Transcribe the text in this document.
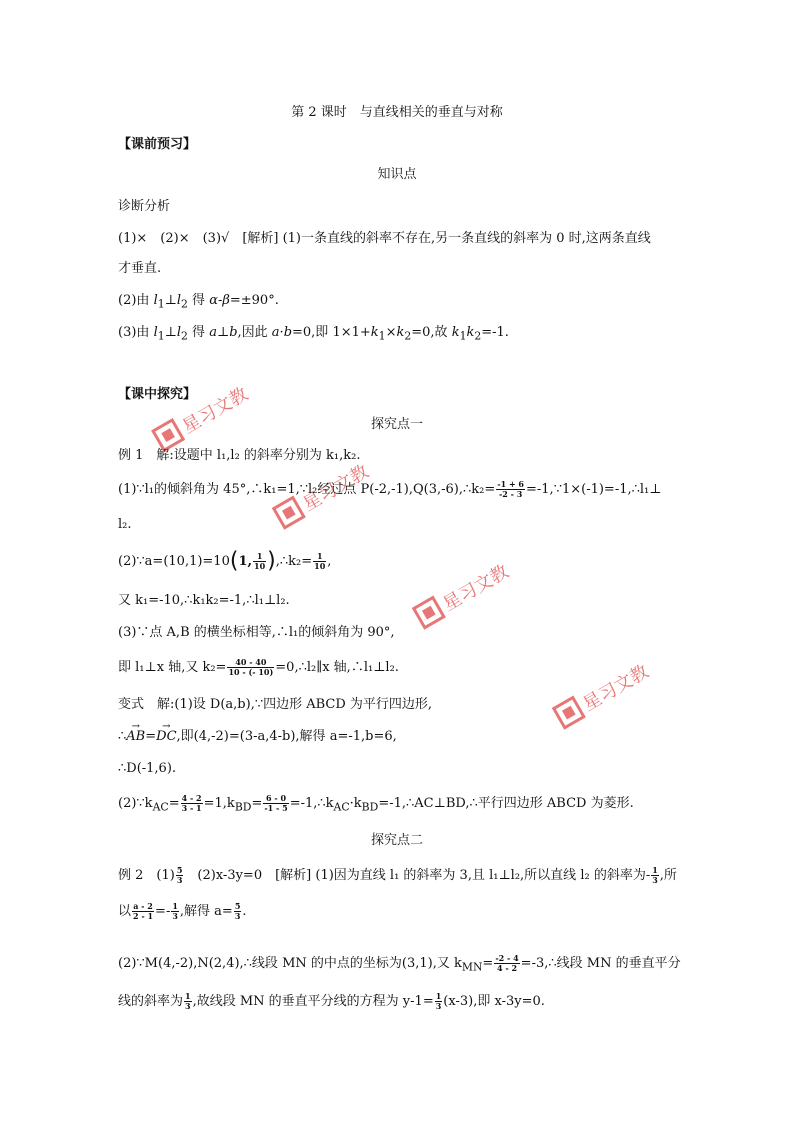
星习文教
星习文教
星习文教
星习文教
第 2 课时　与直线相关的垂直与对称
【课前预习】
知识点
诊断分析
(1)×　(2)×　(3)√　[解析] (1)一条直线的斜率不存在,另一条直线的斜率为 0 时,这两条直线
才垂直.
(2)由 $l_1\perp l_2$ 得 α-β=±90°.
(3)由 $l_1\perp l_2$ 得 a⊥b,因此 a·b=0,即 $1\times 1+k_1\times k_2=0$,故 $k_1k_2=-1$.
【课中探究】
探究点一
例 1　解:设题中 l₁,l₂ 的斜率分别为 k₁,k₂.
(1)∵l₁的倾斜角为 45°,∴k₁=1,∵l₂经过点 P(-2,-1),Q(3,-6),∴k₂= $\frac{-1 + 6}{-2 - 3}$ =-1,∵1×(-1)=-1,∴l₁⊥
l₂.
(2)∵a=(10,1)=10(1, $\frac{1}{10}$ ),∴k₂= $\frac{1}{10}$ ,
又 k₁=-10,∴k₁k₂=-1,∴l₁⊥l₂.
(3)∵点 A,B 的横坐标相等,∴l₁的倾斜角为 90°,
即 l₁⊥x 轴,又 $k_2= \frac{40 - 40}{10 - (- 10)}$ =0,∴l₂∥x 轴,∴l₁⊥l₂.
变式　解:(1)设 D(a,b),∵四边形 ABCD 为平行四边形,
∴→ AB=→ DC,即(4,-2)=(3-a,4-b),解得 a=-1,b=6,
∴D(-1,6).
$(2)\because k_{AC}= \frac{4 - 2}{3 - 1} =1,k_{BD}= \frac{6 - 0}{-1 - 5}$ $=-1,\therefore k_{AC}\cdot k_{BD}=-1,\therefore AC\perp BD,\therefore$平行四边形 ABCD 为菱形.
探究点二
例 2　$(1) \frac{5}{3}$ 　(2)x-3y=0　[解析] (1)因为直线 l₁ 的斜率为 3,且 l₁⊥l₂,所以直线 l₂ 的斜率为- $\frac{1}{3}$ ,所
以 $\frac{a - 2}{2 - 1} =- \frac{1}{3}$ ,解得 $a= \frac{5}{3}$ .
(2)∵M(4,-2),N(2,4),∴线段 MN 的中点的坐标为(3,1),又 $k_{MN}= \frac{-2 - 4}{4 - 2}$ =-3,∴线段 MN 的垂直平分
线的斜率为 $\frac{1}{3}$ ,故线段 MN 的垂直平分线的方程为 $y-1= \frac{1}{3} (x-3)$,即 x-3y=0.
